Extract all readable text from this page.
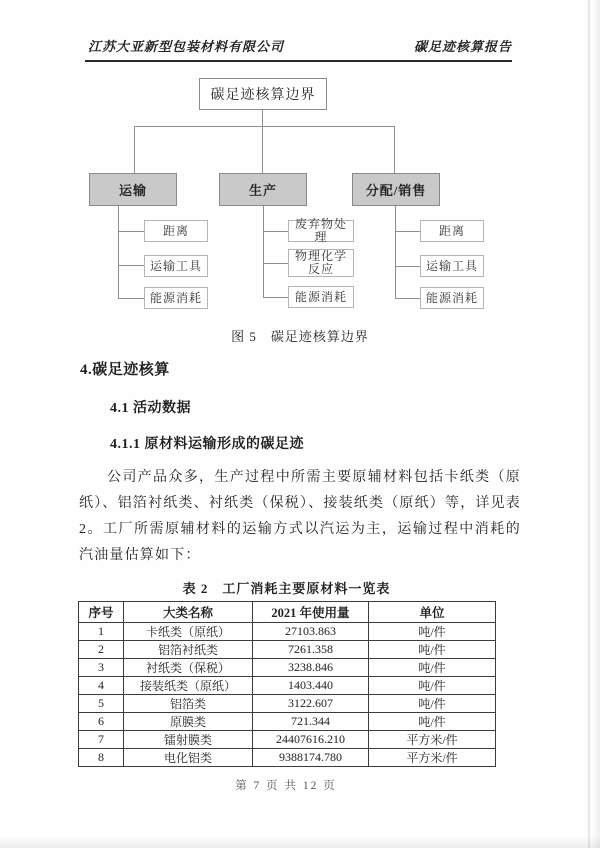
江苏大亚新型包装材料有限公司	碳足迹核算报告
碳足迹核算边界
运输	生产	分配/销售
距离
运输工具
能源消耗
废弃物处理
物理化学反应
能源消耗
距离
运输工具
能源消耗
图 5　碳足迹核算边界
4.碳足迹核算
4.1 活动数据
4.1.1 原材料运输形成的碳足迹

公司产品众多，生产过程中所需主要原辅材料包括卡纸类（原纸）、铝箔衬纸类、衬纸类（保税）、接装纸类（原纸）等，详见表 2。工厂所需原辅材料的运输方式以汽运为主，运输过程中消耗的汽油量估算如下：

表 2　工厂消耗主要原材料一览表
序号	大类名称	2021 年使用量	单位
1	卡纸类（原纸）	27103.863	吨/件
2	铝箔衬纸类	7261.358	吨/件
3	衬纸类（保税）	3238.846	吨/件
4	接装纸类（原纸）	1403.440	吨/件
5	铝箔类	3122.607	吨/件
6	原膜类	721.344	吨/件
7	镭射膜类	24407616.210	平方米/件
8	电化铝类	9388174.780	平方米/件
第 7 页 共 12 页
